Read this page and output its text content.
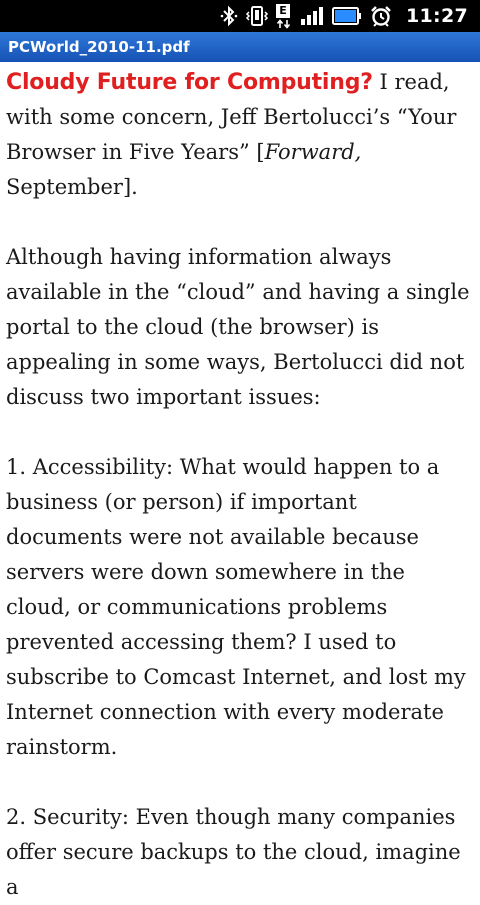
E	11:27
PCWorld_2010-11.pdf

Cloudy Future for Computing? I read, with some concern, Jeff Bertolucci’s “Your Browser in Five Years” [Forward, September].

Although having information always available in the “cloud” and having a single portal to the cloud (the browser) is appealing in some ways, Bertolucci did not discuss two important issues:

1. Accessibility: What would happen to a business (or person) if important documents were not available because servers were down somewhere in the cloud, or communications problems prevented accessing them? I used to subscribe to Comcast Internet, and lost my Internet connection with every moderate rainstorm.

2. Security: Even though many companies offer secure backups to the cloud, imagine a
